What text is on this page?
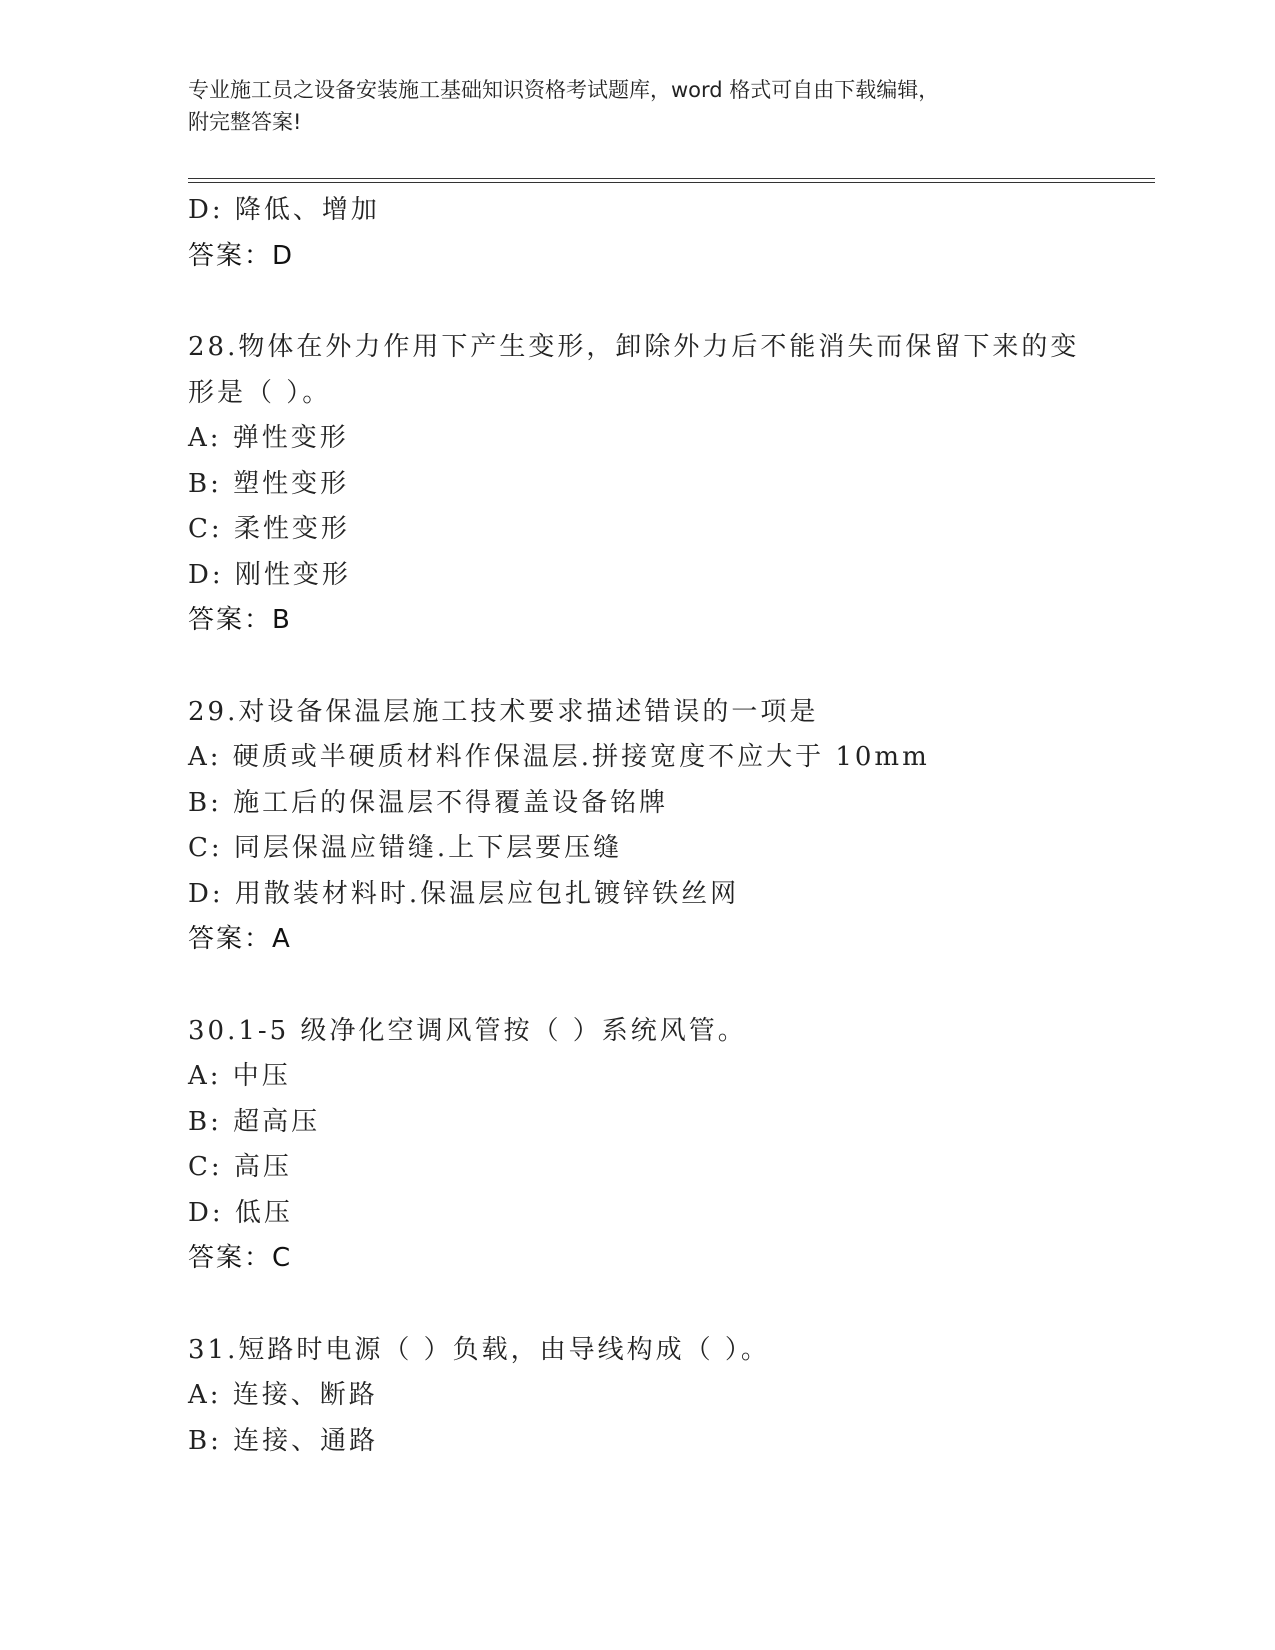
专业施工员之设备安装施工基础知识资格考试题库，word 格式可自由下载编辑，
附完整答案!
D: 降低、增加
答案：D
28.物体在外力作用下产生变形，卸除外力后不能消失而保留下来的变
形是（ ）。
A: 弹性变形
B: 塑性变形
C: 柔性变形
D: 刚性变形
答案：B
29.对设备保温层施工技术要求描述错误的一项是
A: 硬质或半硬质材料作保温层.拼接宽度不应大于 10mm
B: 施工后的保温层不得覆盖设备铭牌
C: 同层保温应错缝.上下层要压缝
D: 用散装材料时.保温层应包扎镀锌铁丝网
答案：A
30.1-5 级净化空调风管按（ ）系统风管。
A: 中压
B: 超高压
C: 高压
D: 低压
答案：C
31.短路时电源（ ）负载，由导线构成（ ）。
A: 连接、断路
B: 连接、通路
